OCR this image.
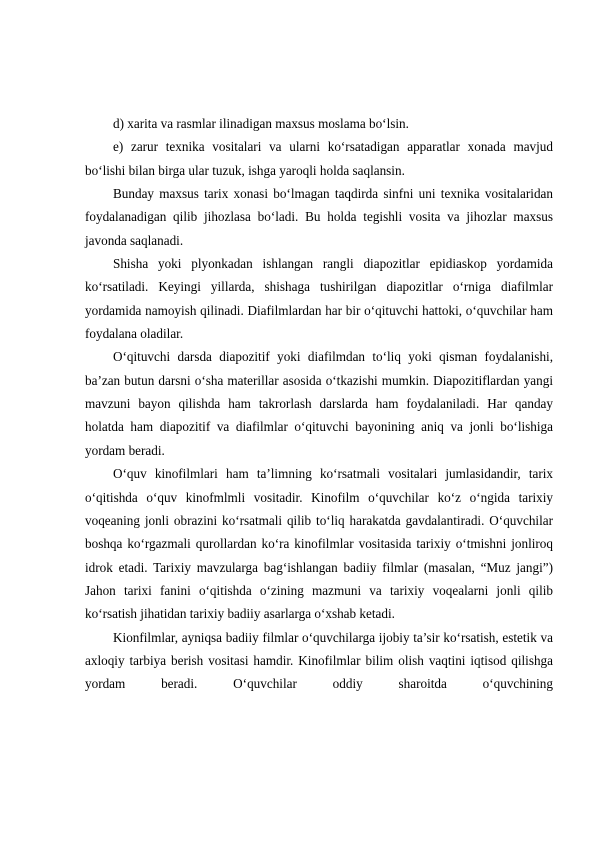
d) xarita va rasmlar ilinadigan maxsus moslama bo‘lsin.

e) zarur texnika vositalari va ularni ko‘rsatadigan apparatlar xonada mavjud bo‘lishi bilan birga ular tuzuk, ishga yaroqli holda saqlansin.

Bunday maxsus tarix xonasi bo‘lmagan taqdirda sinfni uni texnika vositalaridan foydalanadigan qilib jihozlasa bo‘ladi. Bu holda tegishli vosita va jihozlar maxsus javonda saqlanadi.

Shisha yoki plyonkadan ishlangan rangli diapozitlar epidiaskop yordamida ko‘rsatiladi. Keyingi yillarda, shishaga tushirilgan diapozitlar o‘rniga diafilmlar yordamida namoyish qilinadi. Diafilmlardan har bir o‘qituvchi hattoki, o‘quvchilar ham foydalana oladilar.

O‘qituvchi darsda diapozitif yoki diafilmdan to‘liq yoki qisman foydalanishi, ba’zan butun darsni o‘sha materillar asosida o‘tkazishi mumkin. Diapozitiflardan yangi mavzuni bayon qilishda ham takrorlash darslarda ham foydalaniladi. Har qanday holatda ham diapozitif va diafilmlar o‘qituvchi bayonining aniq va jonli bo‘lishiga yordam beradi.

O‘quv kinofilmlari ham ta’limning ko‘rsatmali vositalari jumlasidandir, tarix o‘qitishda o‘quv kinofmlmli vositadir. Kinofilm o‘quvchilar ko‘z o‘ngida tarixiy voqeaning jonli obrazini ko‘rsatmali qilib to‘liq harakatda gavdalantiradi. O‘quvchilar boshqa ko‘rgazmali qurollardan ko‘ra kinofilmlar vositasida tarixiy o‘tmishni jonliroq idrok etadi. Tarixiy mavzularga bag‘ishlangan badiiy filmlar (masalan, “Muz jangi”) Jahon tarixi fanini o‘qitishda o‘zining mazmuni va tarixiy voqealarni jonli qilib ko‘rsatish jihatidan tarixiy badiiy asarlarga o‘xshab ketadi.

Kionfilmlar, ayniqsa badiiy filmlar o‘quvchilarga ijobiy ta’sir ko‘rsatish, estetik va axloqiy tarbiya berish vositasi hamdir. Kinofilmlar bilim olish vaqtini iqtisod qilishga yordam beradi. O‘quvchilar oddiy sharoitda o‘quvchining
